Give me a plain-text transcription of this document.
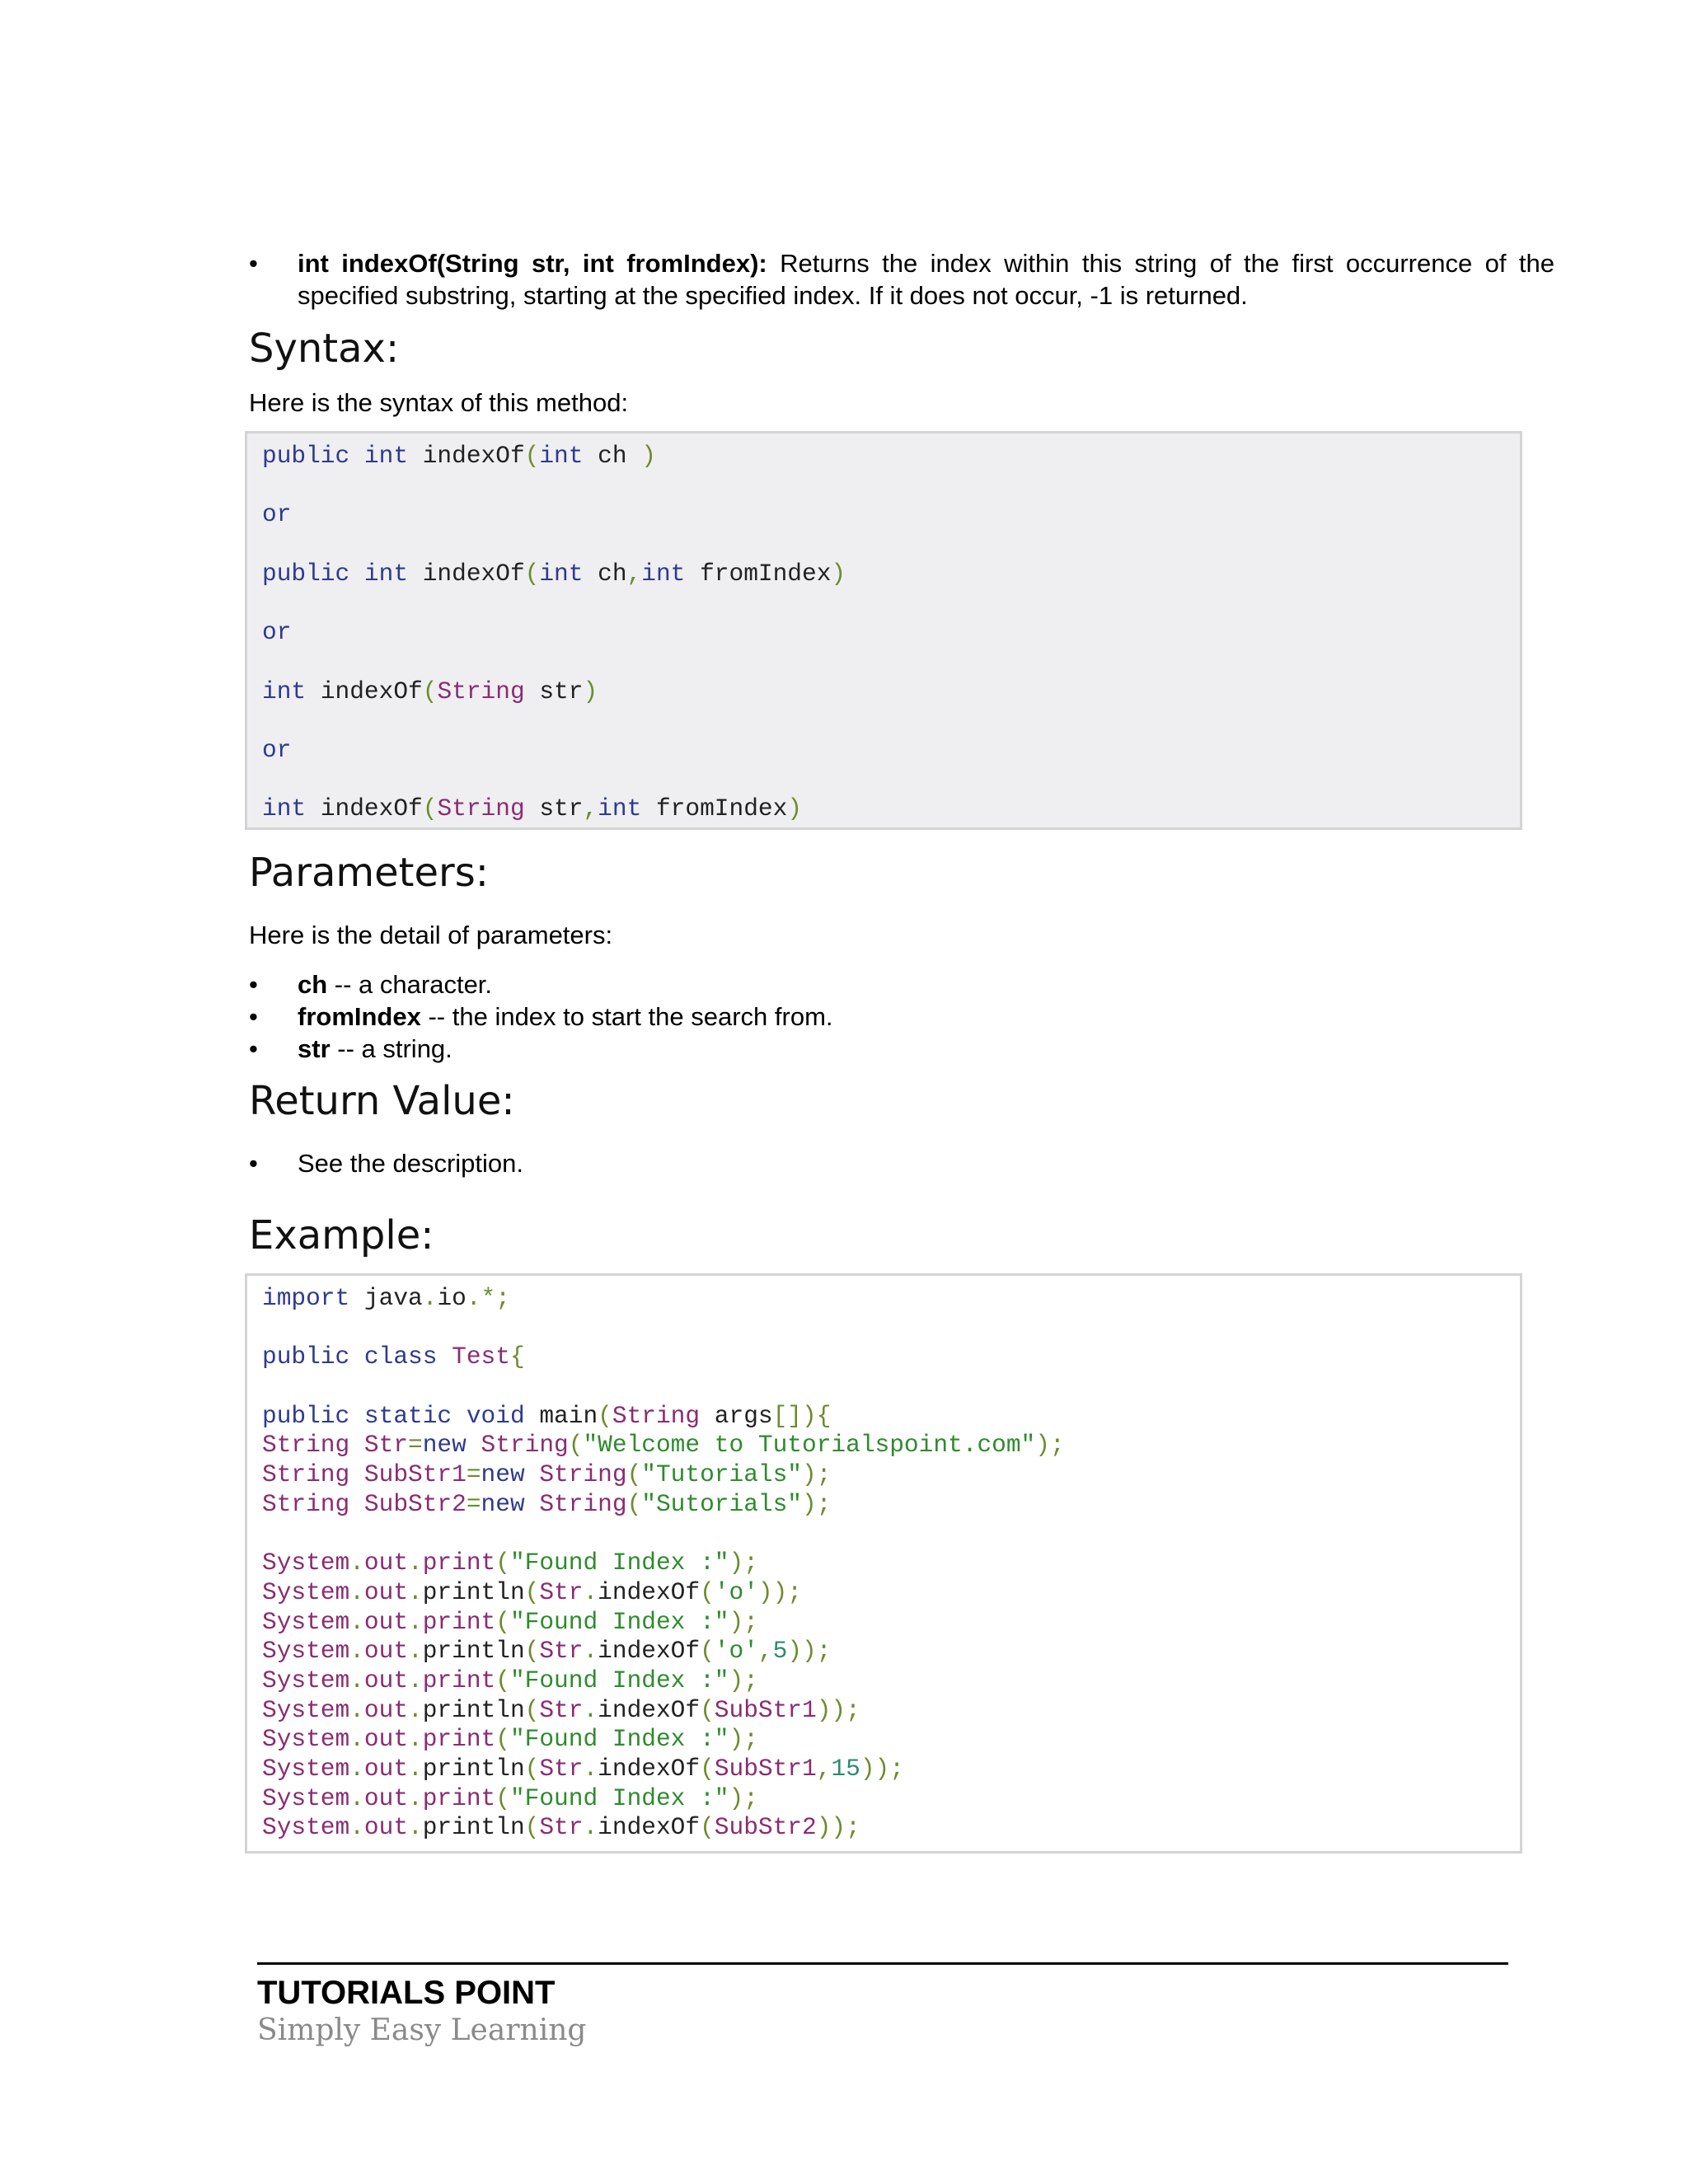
•	int indexOf(String str, int fromIndex): Returns the index within this string of the first occurrence of the specified substring, starting at the specified index. If it does not occur, -1 is returned.
Syntax:

Here is the syntax of this method:

public int indexOf(int ch )
or
public int indexOf(int ch,int fromIndex)
or
int indexOf(String str)
or
int indexOf(String str,int fromIndex)
Parameters:

Here is the detail of parameters:

•	ch -- a character.
•	fromIndex -- the index to start the search from.
•	str -- a string.
Return Value:
•	See the description.
Example:
import java.io.*;
public class Test{
public static void main(String args[]){
String Str=new String("Welcome to Tutorialspoint.com");
String SubStr1=new String("Tutorials");
String SubStr2=new String("Sutorials");
System.out.print("Found Index :");
System.out.println(Str.indexOf('o'));
System.out.print("Found Index :");
System.out.println(Str.indexOf('o',5));
System.out.print("Found Index :");
System.out.println(Str.indexOf(SubStr1));
System.out.print("Found Index :");
System.out.println(Str.indexOf(SubStr1,15));
System.out.print("Found Index :");
System.out.println(Str.indexOf(SubStr2));
TUTORIALS POINT
Simply Easy Learning
